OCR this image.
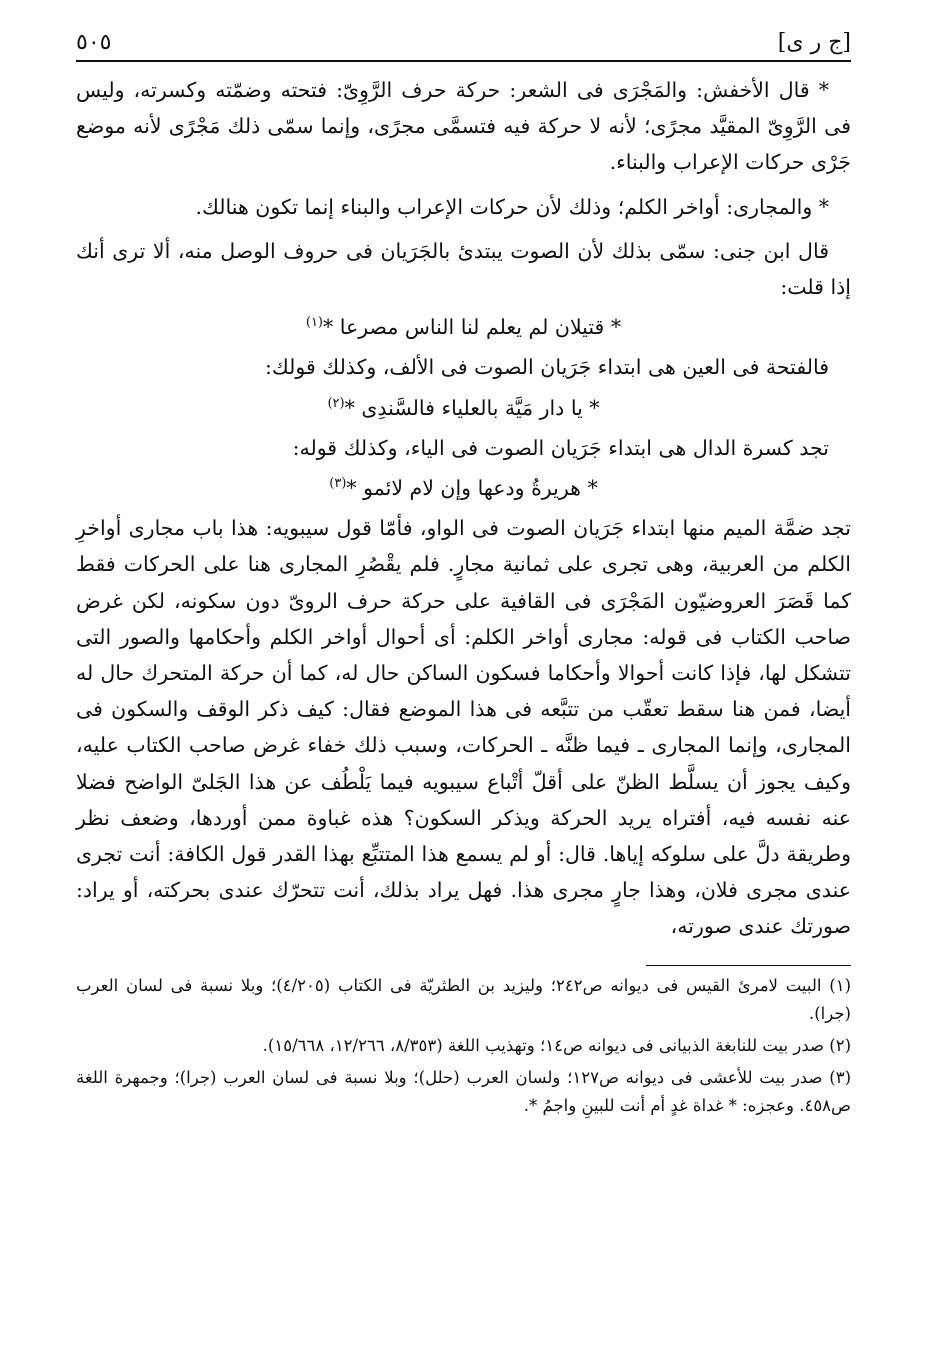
[ج ر ى]
٥٠٥

* قال الأخفش: والمَجْرَى فى الشعر: حركة حرف الرَّوِىّ: فتحته وضمّته وكسرته، وليس فى الرَّوِىّ المقيَّد مجرًى؛ لأنه لا حركة فيه فتسمَّى مجرًى، وإنما سمّى ذلك مَجْرًى لأنه موضع جَرْى حركات الإعراب والبناء.

* والمجارى: أواخر الكلم؛ وذلك لأن حركات الإعراب والبناء إنما تكون هنالك.

قال ابن جنى: سمّى بذلك لأن الصوت يبتدئ بالجَرَيان فى حروف الوصل منه، ألا ترى أنك إذا قلت:

* قتيلان لم يعلم لنا الناس مصرعا *$^{(١)}$

فالفتحة فى العين هى ابتداء جَرَيان الصوت فى الألف، وكذلك قولك:

* يا دار مَيَّة بالعلياء فالسَّندِى *$^{(٢)}$

تجد كسرة الدال هى ابتداء جَرَيان الصوت فى الياء، وكذلك قوله:

* هريرةُ ودعها وإن لام لائمو *$^{(٣)}$

تجد ضمَّة الميم منها ابتداء جَرَيان الصوت فى الواو، فأمّا قول سيبويه: هذا باب مجارى أواخرِ الكلم من العربية، وهى تجرى على ثمانية مجارٍ. فلم يقْصُرِ المجارى هنا على الحركات فقط كما قَصَرَ العروضيّون المَجْرَى فى القافية على حركة حرف الروىّ دون سكونه، لكن غرض صاحب الكتاب فى قوله: مجارى أواخر الكلم: أى أحوال أواخر الكلم وأحكامها والصور التى تتشكل لها، فإذا كانت أحوالا وأحكاما فسكون الساكن حال له، كما أن حركة المتحرك حال له أيضا، فمن هنا سقط تعقّب من تتبَّعه فى هذا الموضع فقال: كيف ذكر الوقف والسكون فى المجارى، وإنما المجارى ـ فيما ظنَّه ـ الحركات، وسبب ذلك خفاء غرض صاحب الكتاب عليه، وكيف يجوز أن يسلَّط الظنّ على أقلّ أتْباع سيبويه فيما يَلْطُف عن هذا الجَلىّ الواضح فضلا عنه نفسه فيه، أفتراه يريد الحركة ويذكر السكون؟ هذه غباوة ممن أوردها، وضعف نظر وطريقة دلَّ على سلوكه إياها. قال: أو لم يسمع هذا المتتبِّع بهذا القدر قول الكافة: أنت تجرى عندى مجرى فلان، وهذا جارٍ مجرى هذا. فهل يراد بذلك، أنت تتحرّك عندى بحركته، أو يراد: صورتك عندى صورته،

(١) البيت لامرئ القيس فى ديوانه ص٢٤٢؛ وليزيد بن الطثريّة فى الكتاب (٤/٢٠٥)؛ وبلا نسبة فى لسان العرب (جرا).

(٢) صدر بيت للنابغة الذبيانى فى ديوانه ص١٤؛ وتهذيب اللغة (٨/٣٥٣، ١٢/٢٦٦، ١٥/٦٦٨).

(٣) صدر بيت للأعشى فى ديوانه ص١٢٧؛ ولسان العرب (حلل)؛ وبلا نسبة فى لسان العرب (جرا)؛ وجمهرة اللغة ص٤٥٨. وعجزه: * غداة غدٍ أم أنت للبينِ واجمُ *.
